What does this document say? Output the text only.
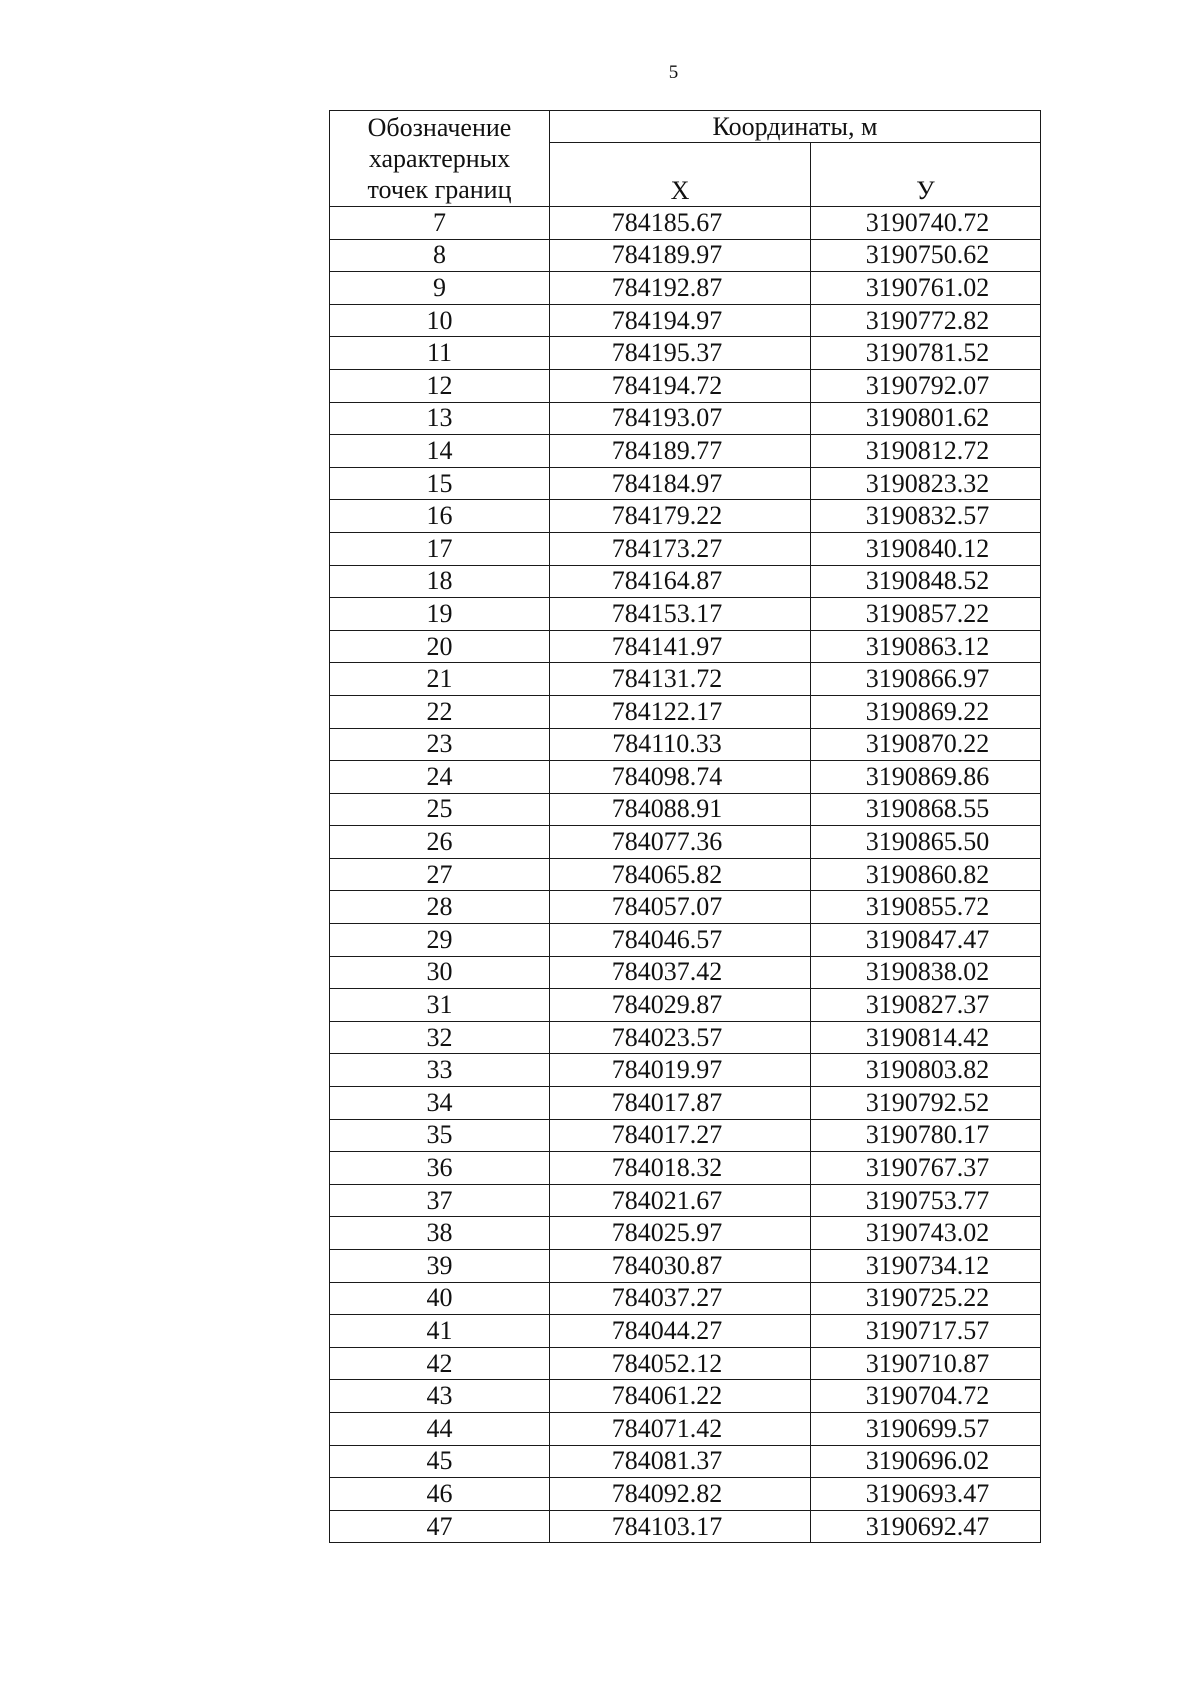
5
Обозначение
характерных
точек границ	Координаты, м	
	Х	У
7	784185.67	3190740.72
8	784189.97	3190750.62
9	784192.87	3190761.02
10	784194.97	3190772.82
11	784195.37	3190781.52
12	784194.72	3190792.07
13	784193.07	3190801.62
14	784189.77	3190812.72
15	784184.97	3190823.32
16	784179.22	3190832.57
17	784173.27	3190840.12
18	784164.87	3190848.52
19	784153.17	3190857.22
20	784141.97	3190863.12
21	784131.72	3190866.97
22	784122.17	3190869.22
23	784110.33	3190870.22
24	784098.74	3190869.86
25	784088.91	3190868.55
26	784077.36	3190865.50
27	784065.82	3190860.82
28	784057.07	3190855.72
29	784046.57	3190847.47
30	784037.42	3190838.02
31	784029.87	3190827.37
32	784023.57	3190814.42
33	784019.97	3190803.82
34	784017.87	3190792.52
35	784017.27	3190780.17
36	784018.32	3190767.37
37	784021.67	3190753.77
38	784025.97	3190743.02
39	784030.87	3190734.12
40	784037.27	3190725.22
41	784044.27	3190717.57
42	784052.12	3190710.87
43	784061.22	3190704.72
44	784071.42	3190699.57
45	784081.37	3190696.02
46	784092.82	3190693.47
47	784103.17	3190692.47
